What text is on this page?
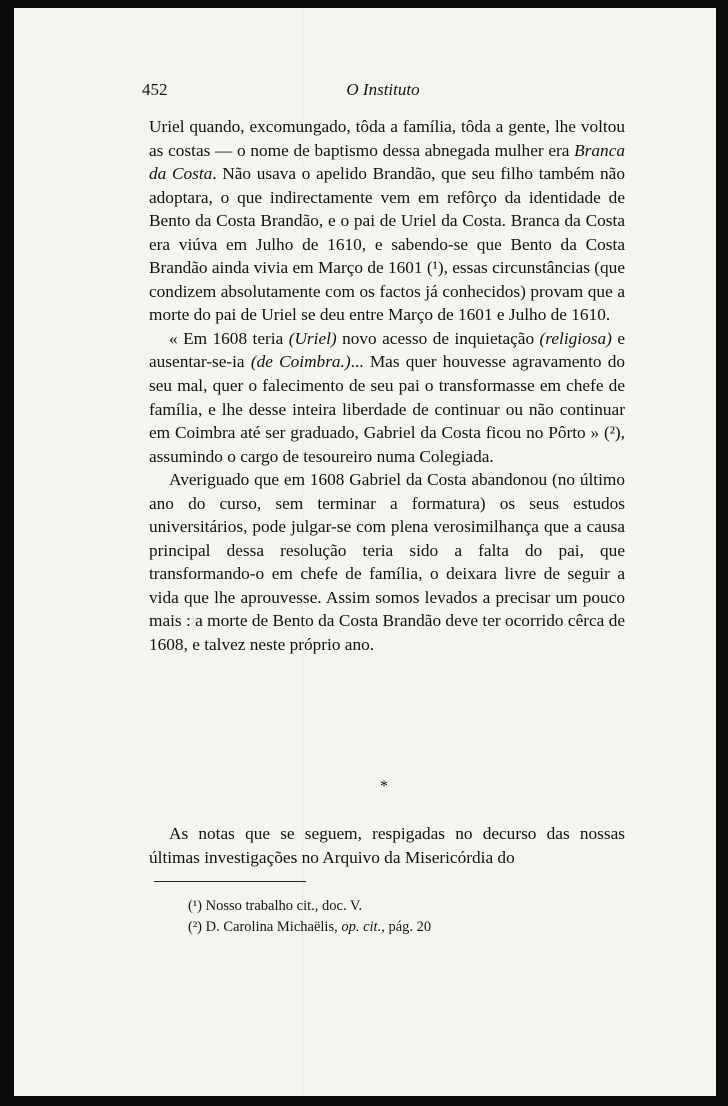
452	O Instituto

Uriel quando, excomungado, tôda a família, tôda a gente, lhe voltou as costas — o nome de baptismo dessa abnegada mulher era Branca da Costa. Não usava o apelido Brandão, que seu filho também não adoptara, o que indirectamente vem em refôrço da identidade de Bento da Costa Brandão, e o pai de Uriel da Costa. Branca da Costa era viúva em Julho de 1610, e sabendo-se que Bento da Costa Brandão ainda vivia em Março de 1601 (¹), essas circunstâncias (que condizem absolutamente com os factos já conhecidos) provam que a morte do pai de Uriel se deu entre Março de 1601 e Julho de 1610.

« Em 1608 teria (Uriel) novo acesso de inquietação (religiosa) e ausentar-se-ia (de Coimbra.)... Mas quer houvesse agravamento do seu mal, quer o falecimento de seu pai o transformasse em chefe de família, e lhe desse inteira liberdade de continuar ou não continuar em Coimbra até ser graduado, Gabriel da Costa ficou no Pôrto » (²), assumindo o cargo de tesoureiro numa Colegiada.

Averiguado que em 1608 Gabriel da Costa abandonou (no último ano do curso, sem terminar a formatura) os seus estudos universitários, pode julgar-se com plena verosimilhança que a causa principal dessa resolução teria sido a falta do pai, que transformando-o em chefe de família, o deixara livre de seguir a vida que lhe aprouvesse. Assim somos levados a precisar um pouco mais : a morte de Bento da Costa Brandão deve ter ocorrido cêrca de 1608, e talvez neste próprio ano.

*

As notas que se seguem, respigadas no decurso das nossas últimas investigações no Arquivo da Misericórdia do

(¹) Nosso trabalho cit., doc. V.
(²) D. Carolina Michaëlis, op. cit., pág. 20
